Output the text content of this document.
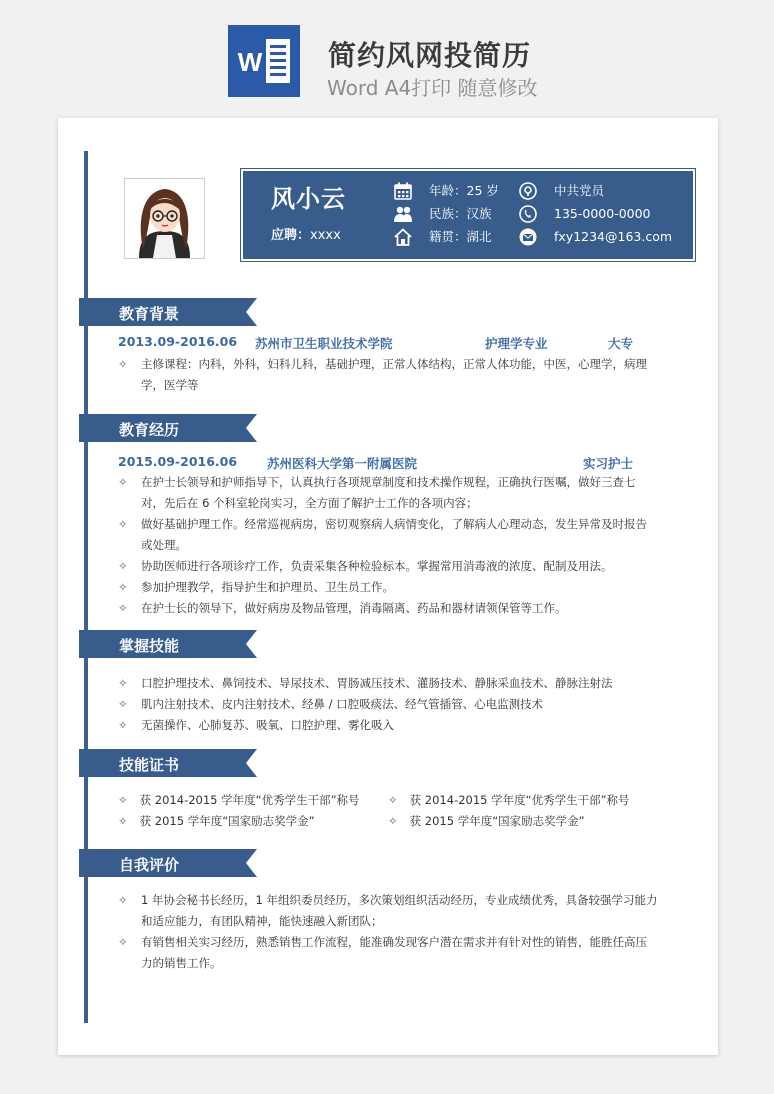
W 简约风网投简历
Word A4打印 随意修改
风小云
应聘：xxxx
年龄：25 岁
民族：汉族
籍贯：湖北
中共党员
135-0000-0000
fxy1234@163.com
教育背景
2013.09-2016.06 苏州市卫生职业技术学院	护理学专业	大专
✧	主修课程：内科，外科，妇科儿科，基础护理，正常人体结构，正常人体功能，中医，心理学，病理学，医学等
教育经历
2015.09-2016.06 苏州医科大学第一附属医院	实习护士
✧	在护士长领导和护师指导下，认真执行各项规章制度和技术操作规程，正确执行医嘱，做好三查七对，先后在 6 个科室轮岗实习，全方面了解护士工作的各项内容；
✧	做好基础护理工作。经常巡视病房，密切观察病人病情变化，了解病人心理动态，发生异常及时报告或处理。
✧	协助医师进行各项诊疗工作，负责采集各种检验标本。掌握常用消毒液的浓度、配制及用法。
✧	参加护理教学，指导护生和护理员、卫生员工作。
✧	在护士长的领导下，做好病房及物品管理，消毒隔离、药品和器材请领保管等工作。
掌握技能
✧	口腔护理技术、鼻饲技术、导尿技术、胃肠减压技术、灌肠技术、静脉采血技术、静脉注射法
✧	肌内注射技术、皮内注射技术、经鼻 / 口腔吸痰法、经气管插管、心电监测技术
✧	无菌操作、心肺复苏、吸氧、口腔护理、雾化吸入
技能证书
✧ 获 2014-2015 学年度“优秀学生干部”称号 ✧ 获 2014-2015 学年度“优秀学生干部”称号
✧ 获 2015 学年度“国家励志奖学金”	✧ 获 2015 学年度“国家励志奖学金”
自我评价
✧	1 年协会秘书长经历，1 年组织委员经历，多次策划组织活动经历，专业成绩优秀，具备较强学习能力和适应能力，有团队精神，能快速融入新团队；
✧	有销售相关实习经历，熟悉销售工作流程，能准确发现客户潜在需求并有针对性的销售，能胜任高压力的销售工作。
